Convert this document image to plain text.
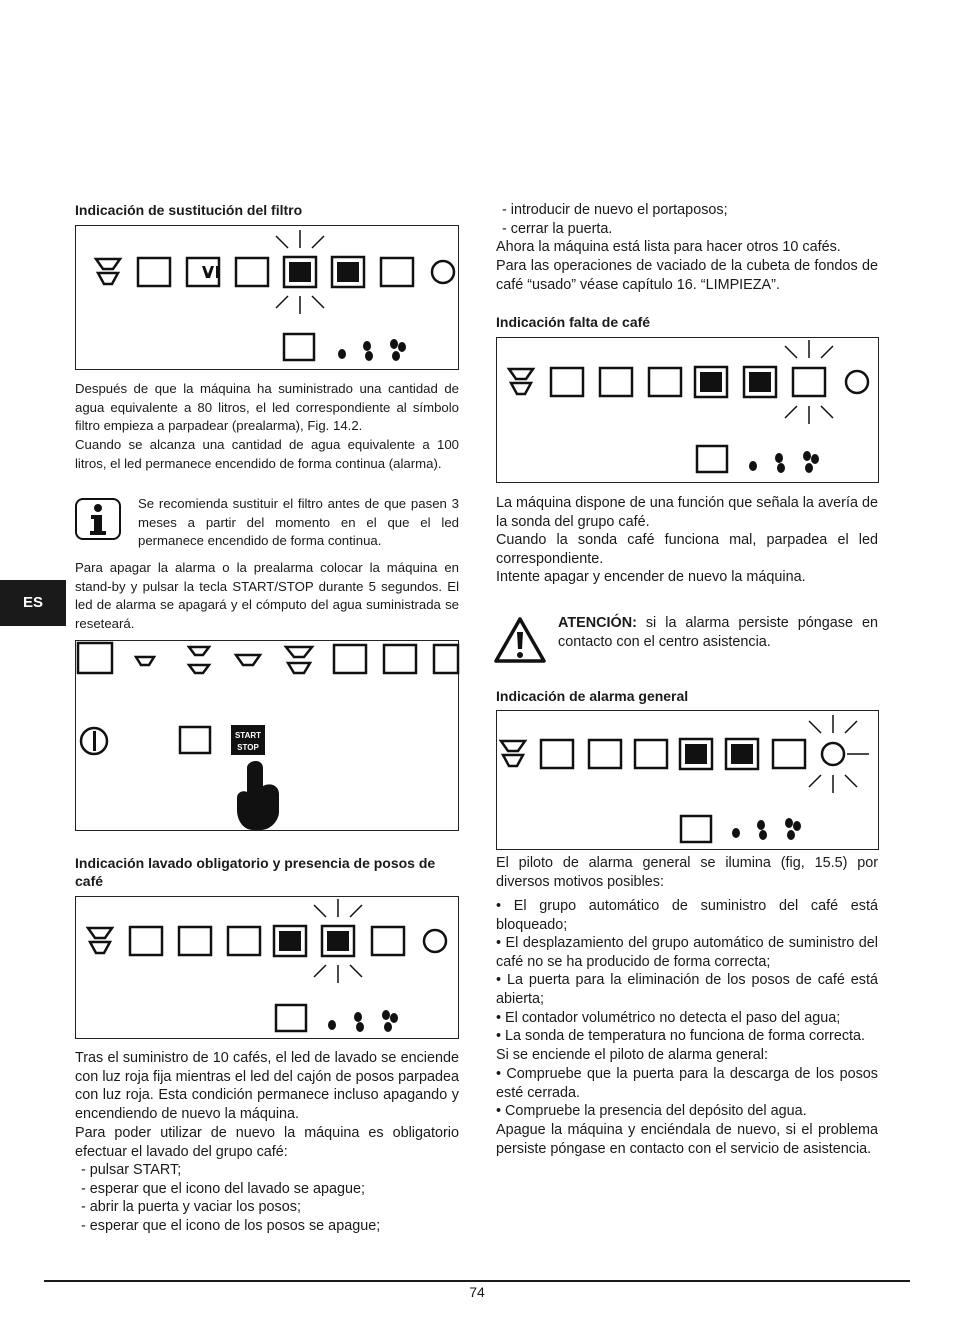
Indicación de sustitución del filtro
Después de que la máquina ha suministrado una cantidad de agua equivalente a 80 litros, el led correspondiente al símbolo filtro empieza a parpadear (prealarma), Fig. 14.2.
Cuando se alcanza una cantidad de agua equivalente a 100 litros, el led permanece encendido de forma continua (alarma).
Se recomienda sustituir el filtro antes de que pasen 3 meses a partir del momento en el que el led permanece encendido de forma continua.
Para apagar la alarma o la prealarma colocar la máquina en stand-by y pulsar la tecla START/STOP durante 5 segundos. El led de alarma se apagará y el cómputo del agua suministrada se reseteará.
START
STOP
Indicación lavado obligatorio y presencia de posos de café
Tras el suministro de 10 cafés, el led de lavado se enciende con luz roja fija mientras el led del cajón de posos parpadea con luz roja. Esta condición permanece incluso apagando y encendiendo de nuevo la máquina.
Para poder utilizar de nuevo la máquina es obligatorio efectuar el lavado del grupo café:
- pulsar START;
- esperar que el icono del lavado se apague;
- abrir la puerta y vaciar los posos;
- esperar que el icono de los posos se apague;
- introducir de nuevo el portaposos;
- cerrar la puerta.
Ahora la máquina está lista para hacer otros 10 cafés.
Para las operaciones de vaciado de la cubeta de fondos de café “usado” véase capítulo 16. “LIMPIEZA”.
Indicación falta de café
La máquina dispone de una función que señala la avería de la sonda del grupo café.
Cuando la sonda café funciona mal, parpadea el led correspondiente.
Intente apagar y encender de nuevo la máquina.
ATENCIÓN: si la alarma persiste póngase en contacto con el centro asistencia.
Indicación de alarma general
El piloto de alarma general se ilumina (fig, 15.5) por diversos motivos posibles:
• El grupo automático de suministro del café está bloqueado;
• El desplazamiento del grupo automático de suministro del café no se ha producido de forma correcta;
• La puerta para la eliminación de los posos de café está abierta;
• El contador volumétrico no detecta el paso del agua;
• La sonda de temperatura no funciona de forma correcta.
Si se enciende el piloto de alarma general:
• Compruebe que la puerta para la descarga de los posos esté cerrada.
• Compruebe la presencia del depósito del agua.
Apague la máquina y enciéndala de nuevo, si el problema persiste póngase en contacto con el servicio de asistencia.
ES
74
